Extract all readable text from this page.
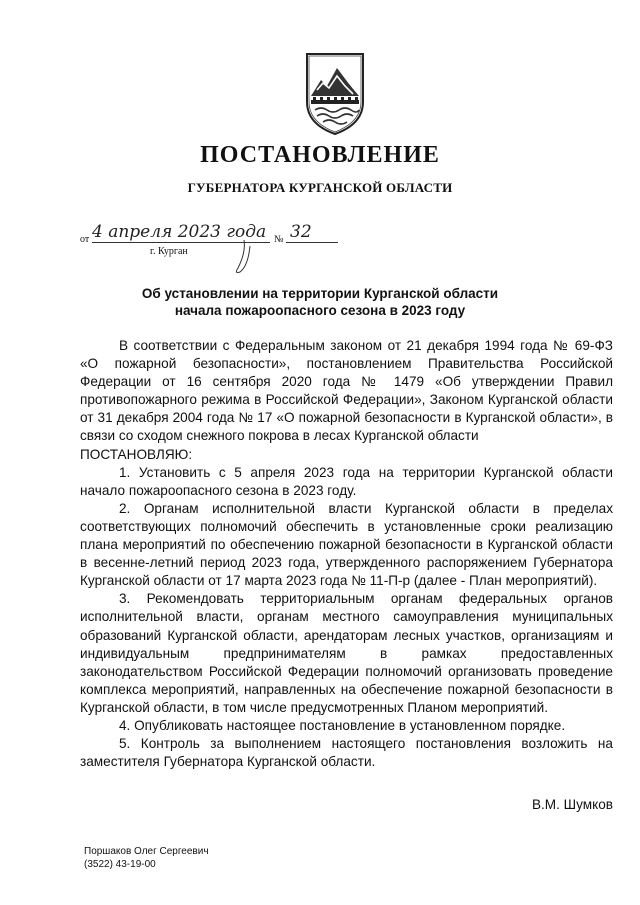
ПОСТАНОВЛЕНИЕ
ГУБЕРНАТОРА КУРГАНСКОЙ ОБЛАСТИ
от 4 апреля 2023 года № 32
г. Курган
Об установлении на территории Курганской области
начала пожароопасного сезона в 2023 году

В соответствии с Федеральным законом от 21 декабря 1994 года № 69-ФЗ «О пожарной безопасности», постановлением Правительства Российской Федерации от 16 сентября 2020 года № 1479 «Об утверждении Правил противопожарного режима в Российской Федерации», Законом Курганской области от 31 декабря 2004 года № 17 «О пожарной безопасности в Курганской области», в связи со сходом снежного покрова в лесах Курганской области

ПОСТАНОВЛЯЮ:

1. Установить с 5 апреля 2023 года на территории Курганской области начало пожароопасного сезона в 2023 году.

2. Органам исполнительной власти Курганской области в пределах соответствующих полномочий обеспечить в установленные сроки реализацию плана мероприятий по обеспечению пожарной безопасности в Курганской области в весенне-летний период 2023 года, утвержденного распоряжением Губернатора Курганской области от 17 марта 2023 года № 11-П-р (далее - План мероприятий).

3. Рекомендовать территориальным органам федеральных органов исполнительной власти, органам местного самоуправления муниципальных образований Курганской области, арендаторам лесных участков, организациям и индивидуальным предпринимателям в рамках предоставленных законодательством Российской Федерации полномочий организовать проведение комплекса мероприятий, направленных на обеспечение пожарной безопасности в Курганской области, в том числе предусмотренных Планом мероприятий.

4. Опубликовать настоящее постановление в установленном порядке.

5. Контроль за выполнением настоящего постановления возложить на заместителя Губернатора Курганской области.

В.М. Шумков
Поршаков Олег Сергеевич
(3522) 43-19-00
